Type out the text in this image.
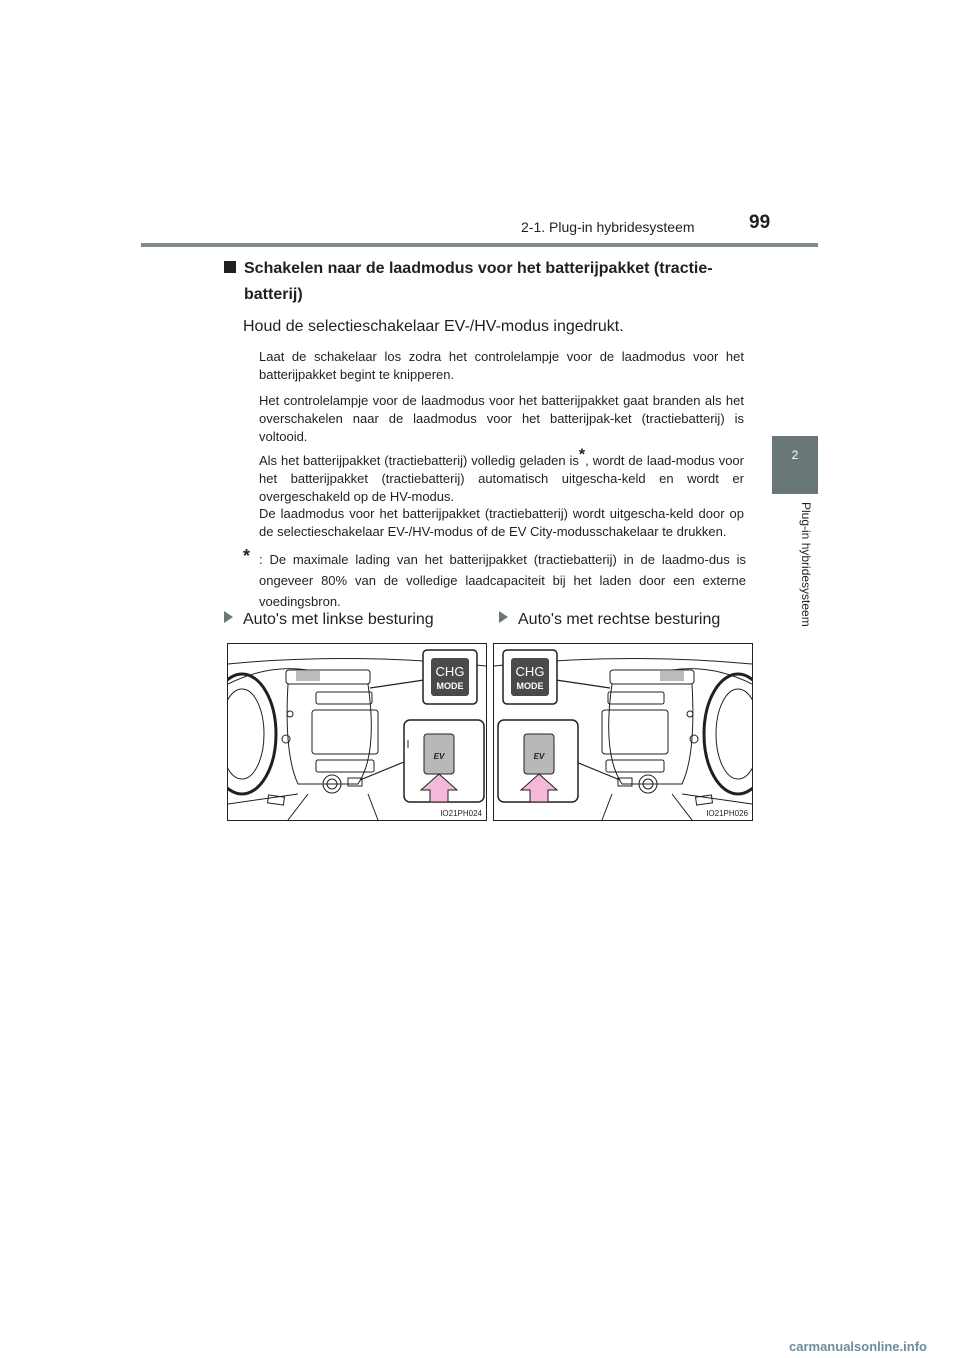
2-1. Plug-in hybridesysteem	99
2
Plug-in hybridesysteem
Schakelen naar de laadmodus voor het batterijpakket (tractie-
batterij)
Houd de selectieschakelaar EV-/HV-modus ingedrukt.

Laat de schakelaar los zodra het controlelampje voor de laadmodus voor het batterijpakket begint te knipperen.

Het controlelampje voor de laadmodus voor het batterijpakket gaat branden als het overschakelen naar de laadmodus voor het batterijpak-ket (tractiebatterij) is voltooid.

Als het batterijpakket (tractiebatterij) volledig geladen is*, wordt de laad-modus voor het batterijpakket (tractiebatterij) automatisch uitgescha-keld en wordt er overgeschakeld op de HV-modus.

De laadmodus voor het batterijpakket (tractiebatterij) wordt uitgescha-keld door op de selectieschakelaar EV-/HV-modus of de EV City-modusschakelaar te drukken.

* : De maximale lading van het batterijpakket (tractiebatterij) in de laadmo-dus is ongeveer 80% van de volledige laadcapaciteit bij het laden door een externe voedingsbron.
Auto's met linkse besturing	Auto's met rechtse besturing
CHG
MODE
EV
IO21PH024
CHG
MODE
EV
IO21PH026
carmanualsonline.info
